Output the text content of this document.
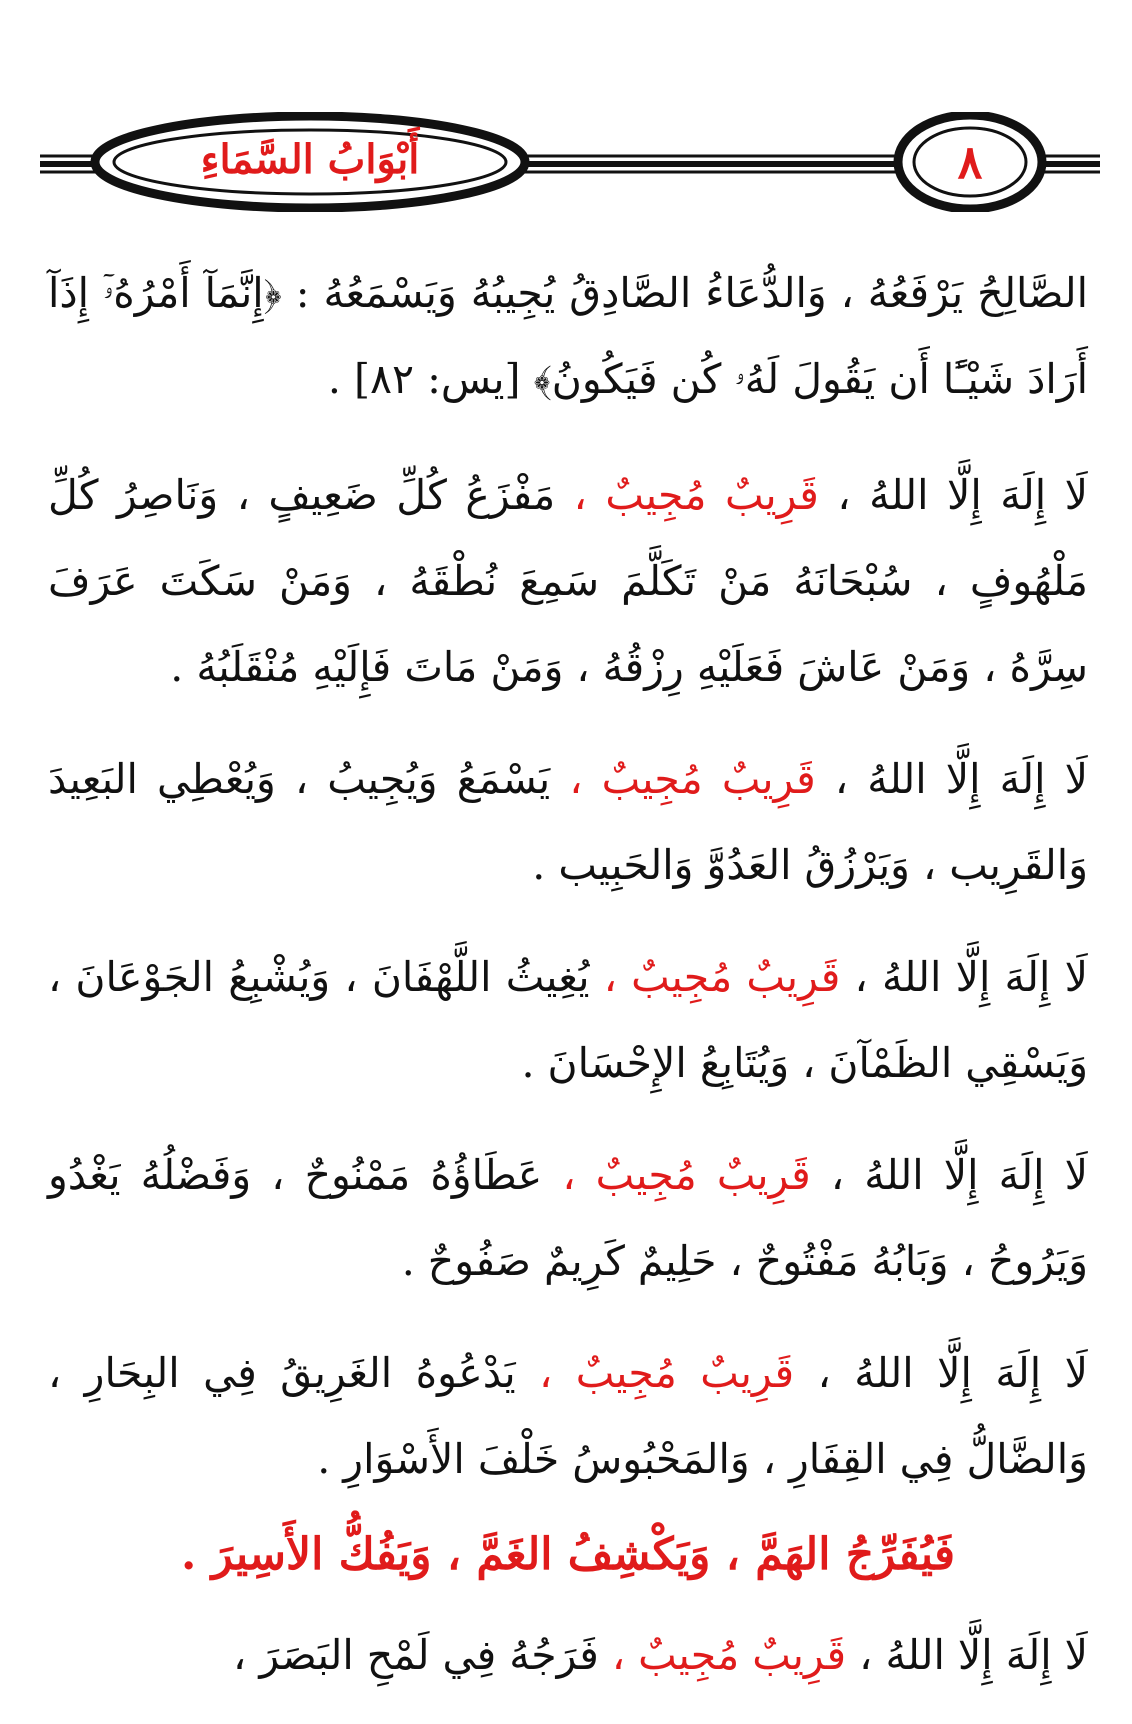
أَبْوَابُ السَّمَاءِ	٨

الصَّالِحُ يَرْفَعُهُ ، وَالدُّعَاءُ الصَّادِقُ يُجِيبُهُ وَيَسْمَعُهُ : ﴿إِنَّمَآ أَمْرُهُۥٓ إِذَآ أَرَادَ شَيْـًٔا أَن يَقُولَ لَهُۥ كُن فَيَكُونُ﴾ [يس: ٨٢] .

لَا إِلَهَ إِلَّا اللهُ ، قَرِيبٌ مُجِيبٌ ، مَفْزَعُ كُلِّ ضَعِيفٍ ، وَنَاصِرُ كُلِّ مَلْهُوفٍ ، سُبْحَانَهُ مَنْ تَكَلَّمَ سَمِعَ نُطْقَهُ ، وَمَنْ سَكَتَ عَرَفَ سِرَّهُ ، وَمَنْ عَاشَ فَعَلَيْهِ رِزْقُهُ ، وَمَنْ مَاتَ فَإِلَيْهِ مُنْقَلَبُهُ .

لَا إِلَهَ إِلَّا اللهُ ، قَرِيبٌ مُجِيبٌ ، يَسْمَعُ وَيُجِيبُ ، وَيُعْطِي البَعِيدَ وَالقَرِيب ، وَيَرْزُقُ العَدُوَّ وَالحَبِيب .

لَا إِلَهَ إِلَّا اللهُ ، قَرِيبٌ مُجِيبٌ ، يُغِيثُ اللَّهْفَانَ ، وَيُشْبِعُ الجَوْعَانَ ، وَيَسْقِي الظَمْآنَ ، وَيُتَابِعُ الإِحْسَانَ .

لَا إِلَهَ إِلَّا اللهُ ، قَرِيبٌ مُجِيبٌ ، عَطَاؤُهُ مَمْنُوحٌ ، وَفَضْلُهُ يَغْدُو وَيَرُوحُ ، وَبَابُهُ مَفْتُوحٌ ، حَلِيمٌ كَرِيمٌ صَفُوحٌ .

لَا إِلَهَ إِلَّا اللهُ ، قَرِيبٌ مُجِيبٌ ، يَدْعُوهُ الغَرِيقُ فِي البِحَارِ ، وَالضَّالُّ فِي القِفَارِ ، وَالمَحْبُوسُ خَلْفَ الأَسْوَارِ .

فَيُفَرِّجُ الهَمَّ ، وَيَكْشِفُ الغَمَّ ، وَيَفُكُّ الأَسِيرَ .

لَا إِلَهَ إِلَّا اللهُ ، قَرِيبٌ مُجِيبٌ ، فَرَجُهُ فِي لَمْحِ البَصَرَ ،
